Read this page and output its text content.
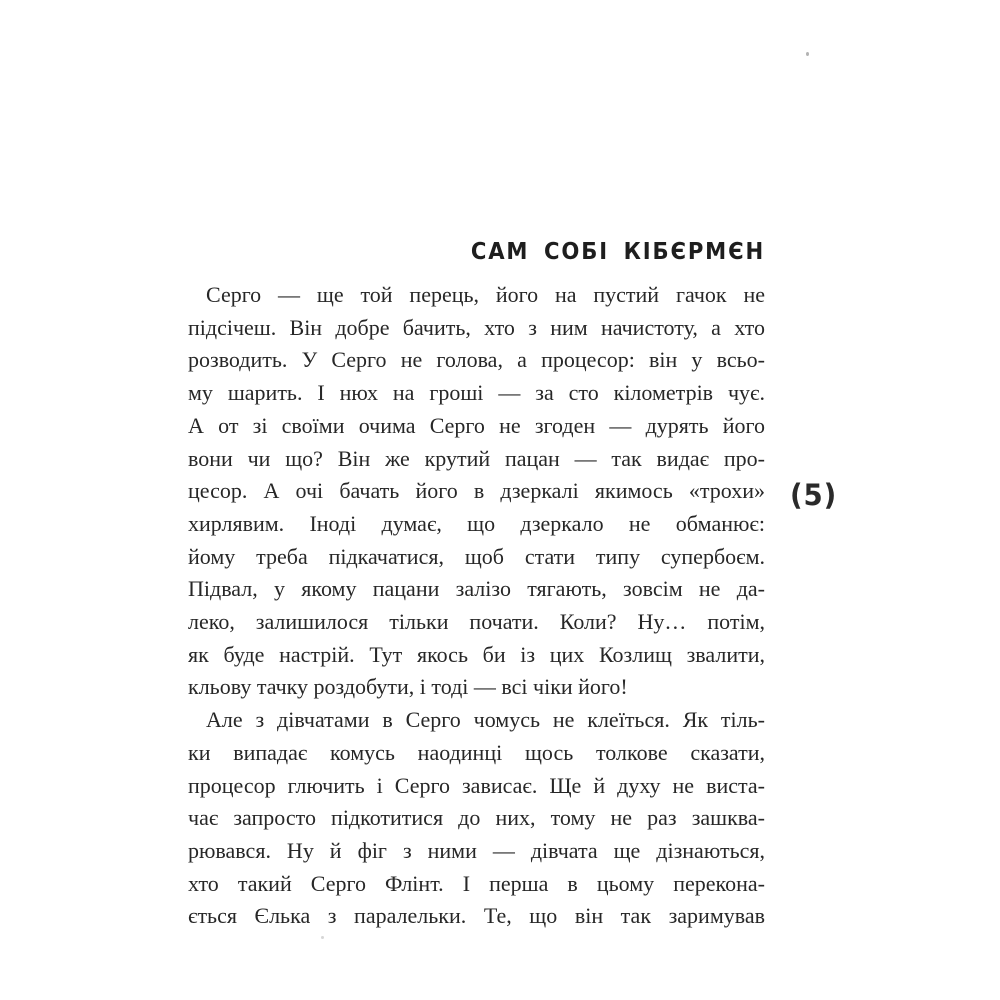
САМ СОБІ КІБЄРМЄН
Серго — ще той перець, його на пустий гачок не
підсічеш. Він добре бачить, хто з ним начистоту, а хто
розводить. У Серго не голова, а процесор: він у всьо-
му шарить. І нюх на гроші — за сто кілометрів чує.
А от зі своїми очима Серго не згоден — дурять його
вони чи що? Він же крутий пацан — так видає про-
цесор. А очі бачать його в дзеркалі якимось «трохи»
хирлявим. Іноді думає, що дзеркало не обманює:
йому треба підкачатися, щоб стати типу супербоєм.
Підвал, у якому пацани залізо тягають, зовсім не да-
леко, залишилося тільки почати. Коли? Ну… потім,
як буде настрій. Тут якось би із цих Козлищ звалити,
кльову тачку роздобути, і тоді — всі чіки його!
Але з дівчатами в Серго чомусь не клеїться. Як тіль-
ки випадає комусь наодинці щось толкове сказати,
процесор глючить і Серго зависає. Ще й духу не виста-
чає запросто підкотитися до них, тому не раз зашква-
рювався. Ну й фіг з ними — дівчата ще дізнаються,
хто такий Серго Флінт. І перша в цьому перекона-
ється Єлька з паралельки. Те, що він так заримував
(5)
